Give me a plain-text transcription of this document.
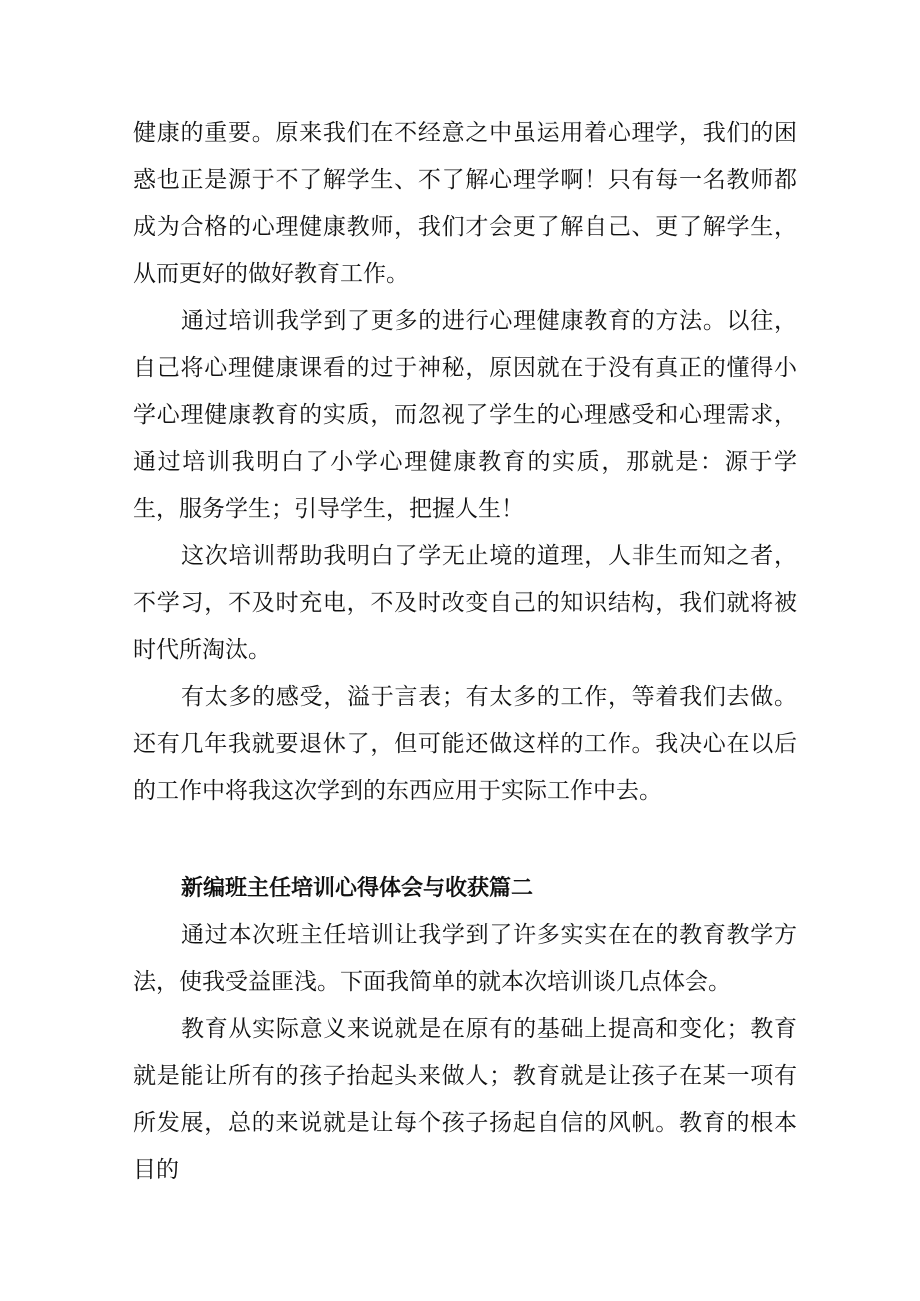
健康的重要。原来我们在不经意之中虽运用着心理学，我们的困惑也正是源于不了解学生、不了解心理学啊！只有每一名教师都成为合格的心理健康教师，我们才会更了解自己、更了解学生，从而更好的做好教育工作。

通过培训我学到了更多的进行心理健康教育的方法。以往，自己将心理健康课看的过于神秘，原因就在于没有真正的懂得小学心理健康教育的实质，而忽视了学生的心理感受和心理需求，通过培训我明白了小学心理健康教育的实质，那就是：源于学生，服务学生；引导学生，把握人生！

这次培训帮助我明白了学无止境的道理，人非生而知之者，不学习，不及时充电，不及时改变自己的知识结构，我们就将被时代所淘汰。

有太多的感受，溢于言表；有太多的工作，等着我们去做。还有几年我就要退休了，但可能还做这样的工作。我决心在以后的工作中将我这次学到的东西应用于实际工作中去。

新编班主任培训心得体会与收获篇二

通过本次班主任培训让我学到了许多实实在在的教育教学方法，使我受益匪浅。下面我简单的就本次培训谈几点体会。

教育从实际意义来说就是在原有的基础上提高和变化；教育就是能让所有的孩子抬起头来做人；教育就是让孩子在某一项有所发展，总的来说就是让每个孩子扬起自信的风帆。教育的根本目的
